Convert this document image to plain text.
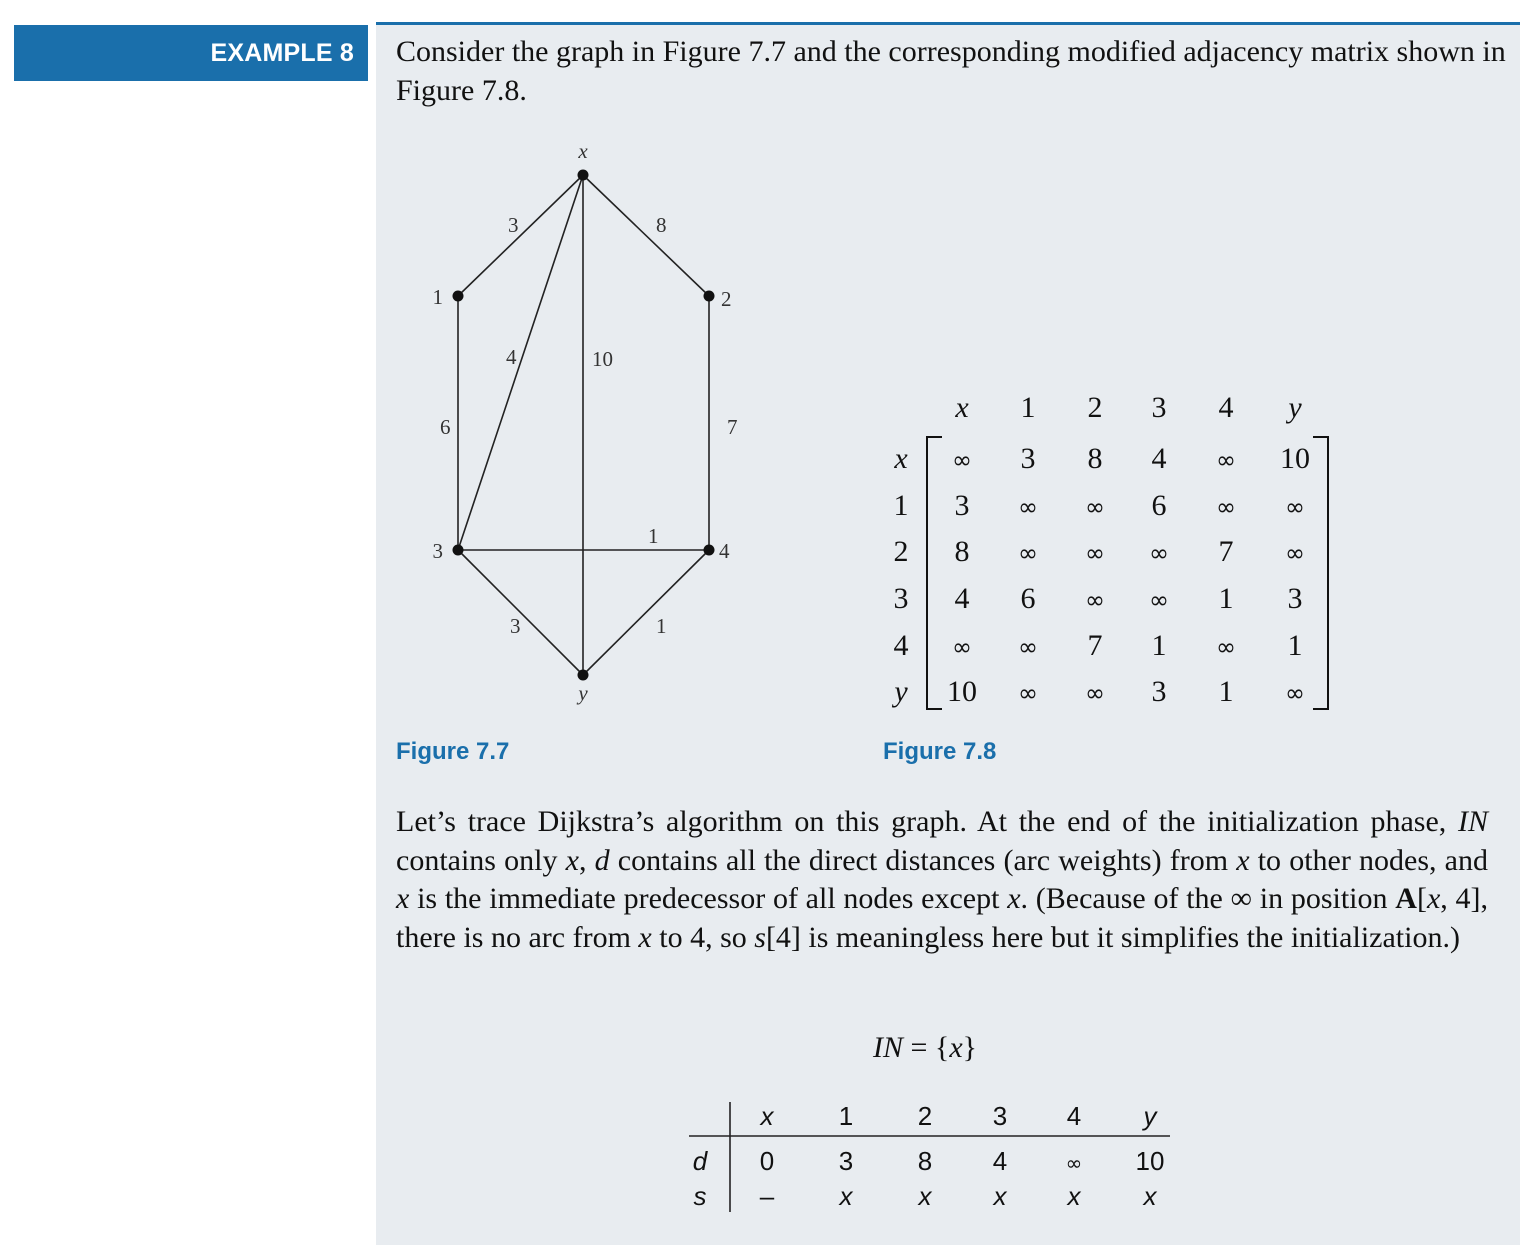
EXAMPLE 8	Consider the graph in Figure 7.7 and the corresponding modified adjacency matrix shown in Figure 7.8.

3	8
4	10
6	7
1
3	1
x
1	2
3	4
y
x 1 2 3 4 y
x ∞ 3 8 4 ∞ 10
1 3 ∞ ∞ 6 ∞ ∞
2 8 ∞ ∞ ∞ 7 ∞
3 4 6 ∞ ∞ 1 3
4 ∞ ∞ 7 1 ∞ 1
y 10 ∞ ∞ 3 1 ∞
Figure 7.7	Figure 7.8

Let’s trace Dijkstra’s algorithm on this graph. At the end of the initialization phase, IN contains only x, d contains all the direct distances (arc weights) from x to other nodes, and x is the immediate predecessor of all nodes except x. (Because of the ∞ in position A[x, 4], there is no arc from x to 4, so s[4] is meaningless here but it simplifies the initialization.)

IN = {x}
x	1 2 3 4 y
d 0 3 8 4	∞ 10
s –	x	x x x x
